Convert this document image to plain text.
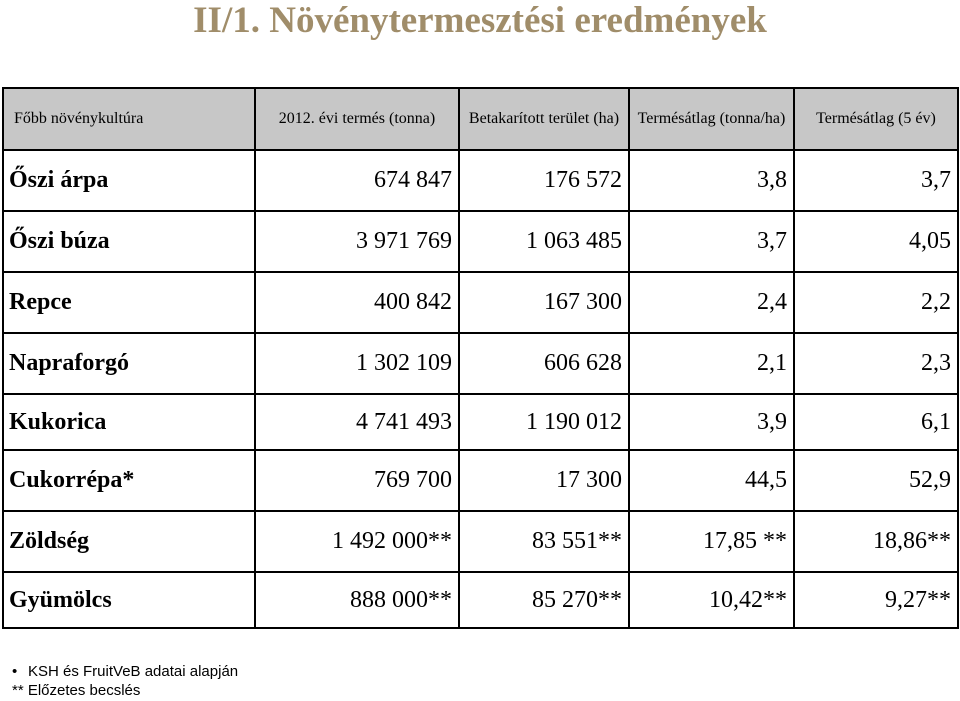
II/1. Növénytermesztési eredmények
Főbb növénykultúra	2012. évi termés (tonna)	Betakarított terület (ha)	Termésátlag (tonna/ha)	Termésátlag (5 év)
Őszi árpa	674 847	176 572	3,8	3,7
Őszi búza	3 971 769	1 063 485	3,7	4,05
Repce	400 842	167 300	2,4	2,2
Napraforgó	1 302 109	606 628	2,1	2,3
Kukorica	4 741 493	1 190 012	3,9	6,1
Cukorrépa*	769 700	17 300	44,5	52,9
Zöldség	1 492 000**	83 551**	17,85 **	18,86**
Gyümölcs	888 000**	85 270**	10,42**	9,27**
• KSH és FruitVeB adatai alapján
** Előzetes becslés
